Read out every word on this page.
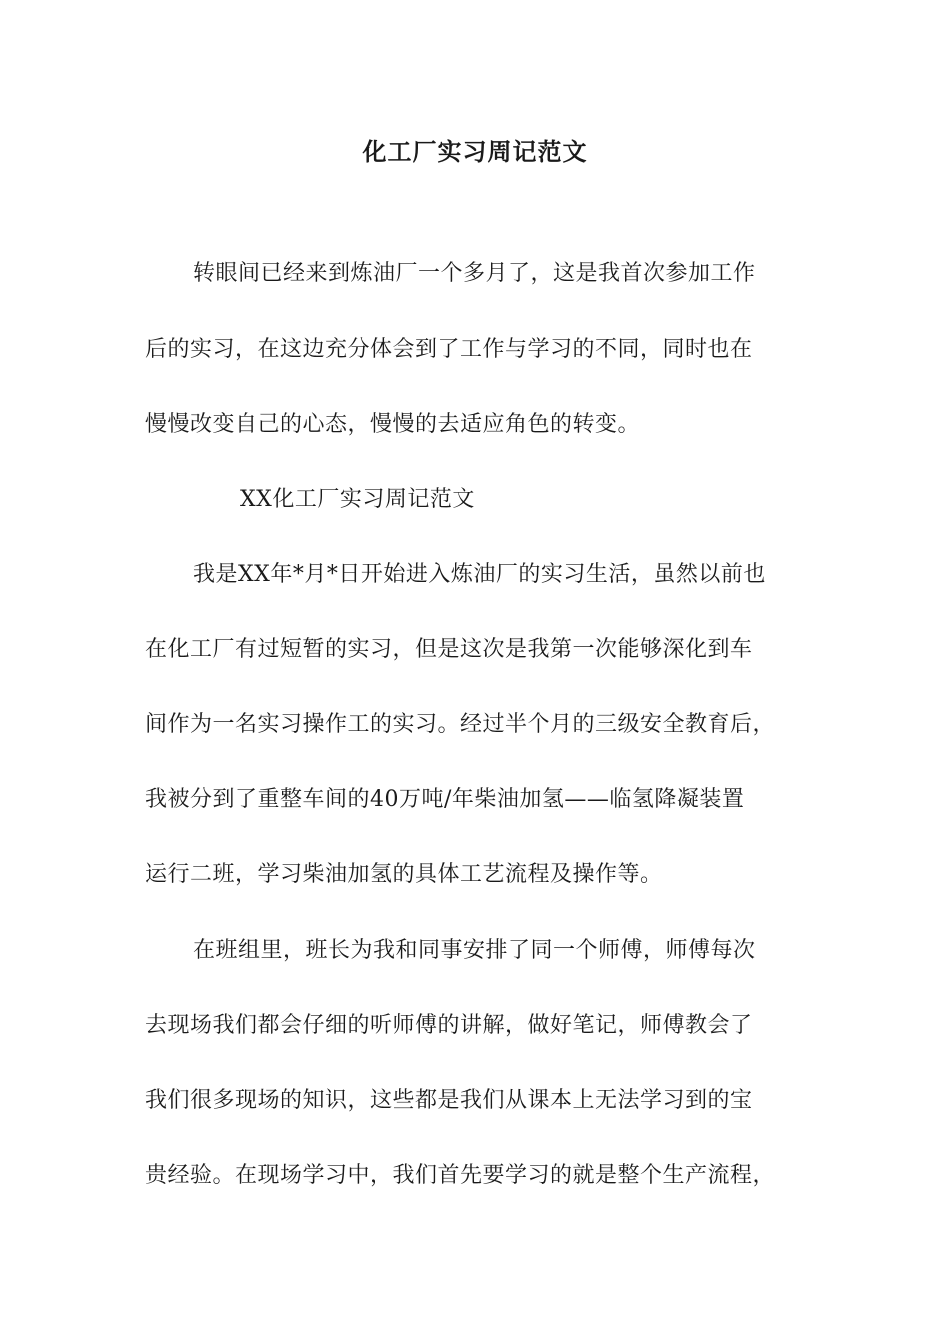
化工厂实习周记范文
转眼间已经来到炼油厂一个多月了，这是我首次参加工作
后的实习，在这边充分体会到了工作与学习的不同，同时也在
慢慢改变自己的心态，慢慢的去适应角色的转变。
XX化工厂实习周记范文
我是XX年*月*日开始进入炼油厂的实习生活，虽然以前也
在化工厂有过短暂的实习，但是这次是我第一次能够深化到车
间作为一名实习操作工的实习。经过半个月的三级安全教育后，
我被分到了重整车间的40万吨/年柴油加氢——临氢降凝装置
运行二班，学习柴油加氢的具体工艺流程及操作等。
在班组里，班长为我和同事安排了同一个师傅，师傅每次
去现场我们都会仔细的听师傅的讲解，做好笔记，师傅教会了
我们很多现场的知识，这些都是我们从课本上无法学习到的宝
贵经验。在现场学习中，我们首先要学习的就是整个生产流程，
